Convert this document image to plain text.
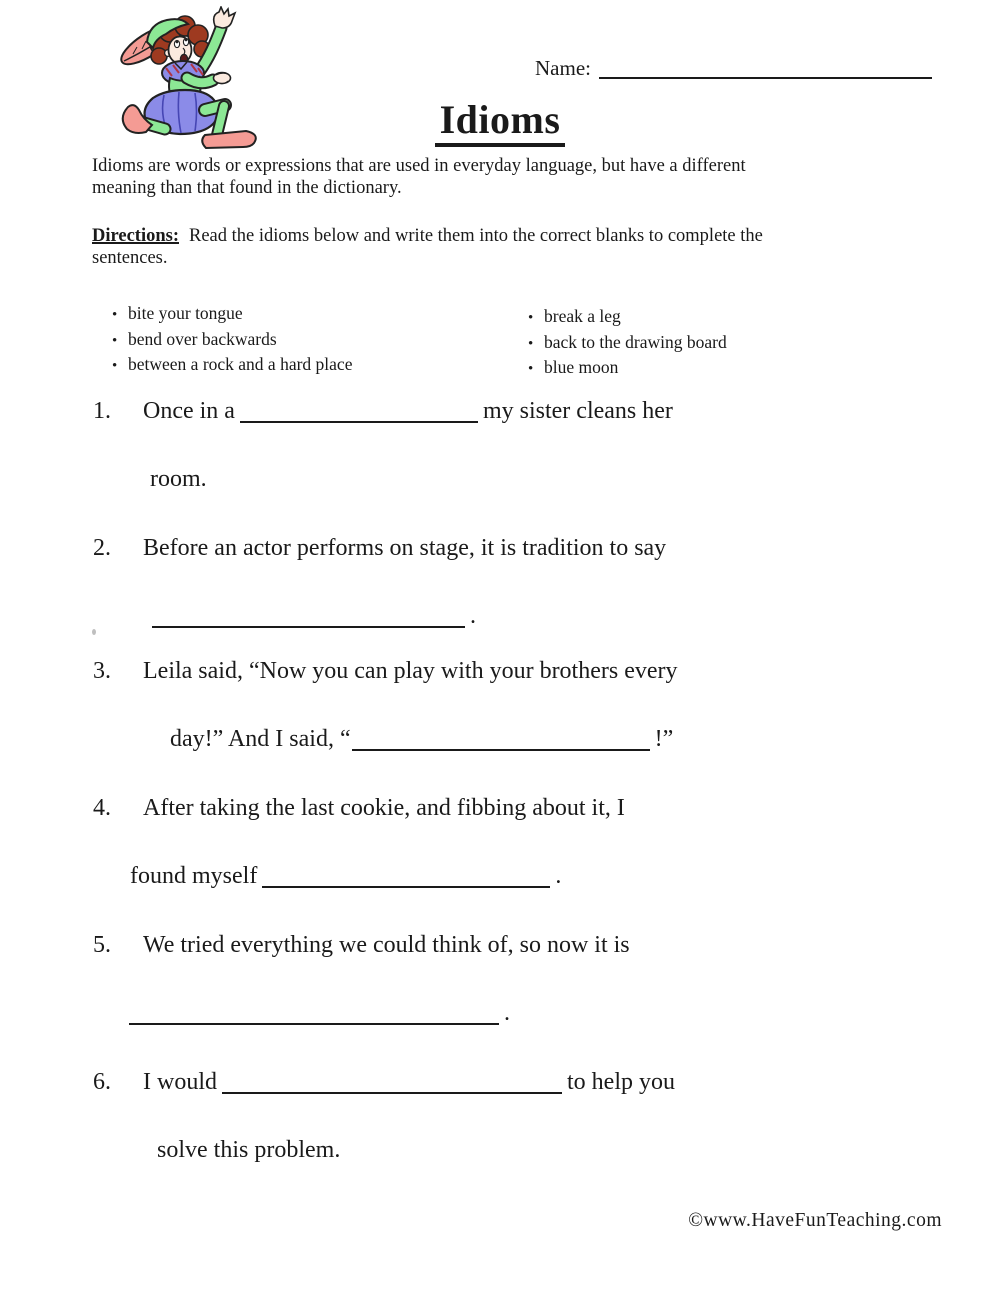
Name:
Idioms

Idioms are words or expressions that are used in everyday language, but have a different
meaning than that found in the dictionary.

Directions: Read the idioms below and write them into the correct blanks to complete the
sentences.

• bite your tongue
• bend over backwards
• between a rock and a hard place
• break a leg
• back to the drawing board
• blue moon
1. Once in a	my sister cleans her
room.
2. Before an actor performs on stage, it is tradition to say
.
3. Leila said, “Now you can play with your brothers every
day!” And I said, “	!”
4. After taking the last cookie, and fibbing about it, I
found myself	.
5. We tried everything we could think of, so now it is
.
6. I would	to help you
solve this problem.
©www.HaveFunTeaching.com
